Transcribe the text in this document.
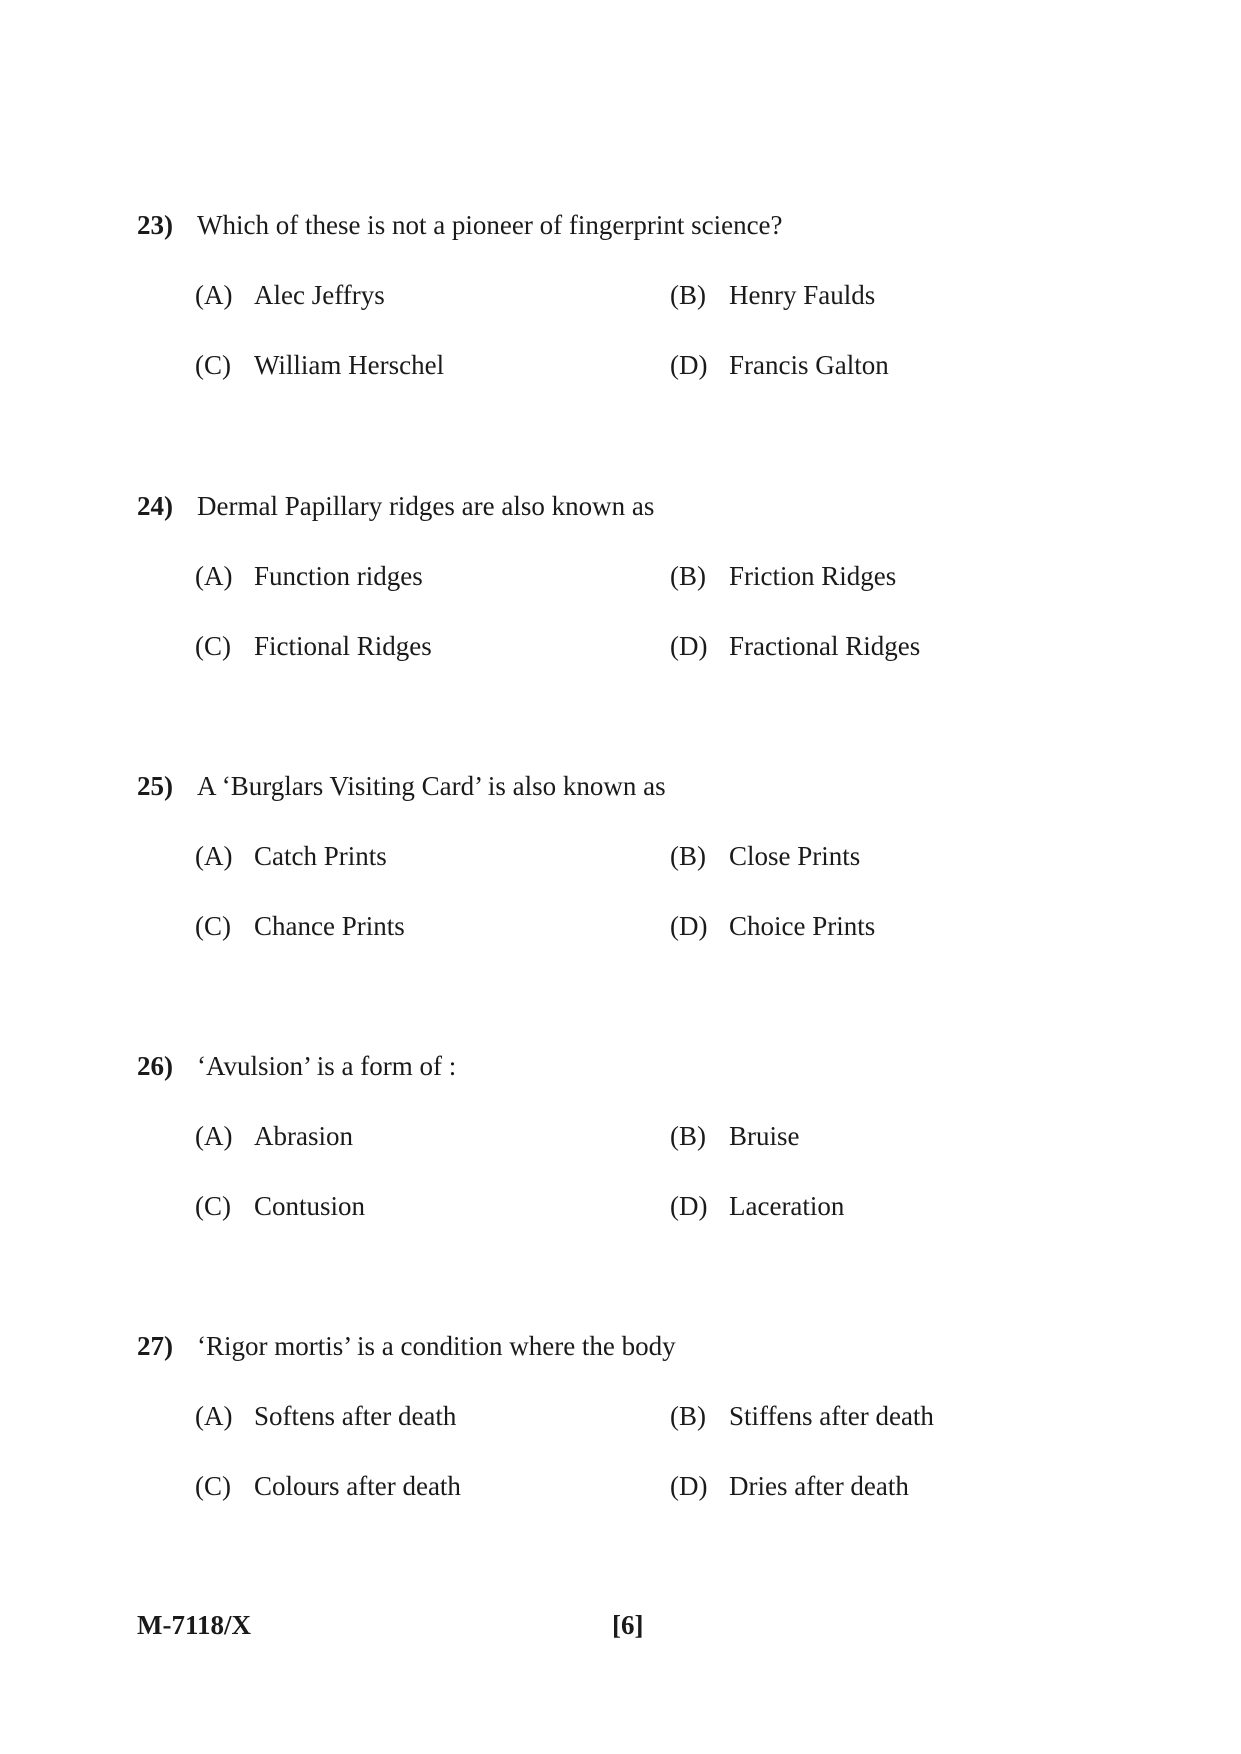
23) Which of these is not a pioneer of fingerprint science?
(A) Alec Jeffrys	(B) Henry Faulds
(C) William Herschel	(D) Francis Galton
24) Dermal Papillary ridges are also known as
(A) Function ridges	(B) Friction Ridges
(C) Fictional Ridges	(D) Fractional Ridges
25) A ‘Burglars Visiting Card’ is also known as
(A) Catch Prints	(B) Close Prints
(C) Chance Prints	(D) Choice Prints
26) ‘Avulsion’ is a form of :
(A) Abrasion	(B) Bruise
(C) Contusion	(D) Laceration
27) ‘Rigor mortis’ is a condition where the body
(A) Softens after death	(B) Stiffens after death
(C) Colours after death	(D) Dries after death
M-7118/X	[6]
